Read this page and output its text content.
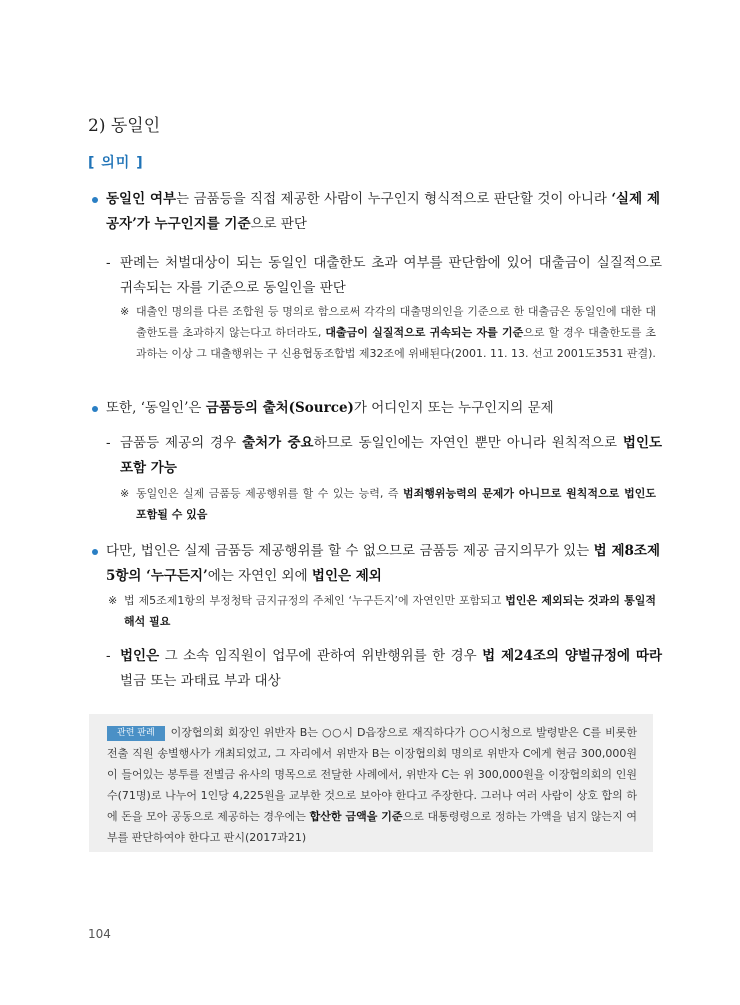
2) 동일인
[ 의미 ]
동일인 여부는 금품등을 직접 제공한 사람이 누구인지 형식적으로 판단할 것이 아니라 ‘실제 제공자’가 누구인지를 기준으로 판단
- 판례는 처벌대상이 되는 동일인 대출한도 초과 여부를 판단함에 있어 대출금이 실질적으로 귀속되는 자를 기준으로 동일인을 판단
※ 대출인 명의를 다른 조합원 등 명의로 함으로써 각각의 대출명의인을 기준으로 한 대출금은 동일인에 대한 대출한도를 초과하지 않는다고 하더라도, 대출금이 실질적으로 귀속되는 자를 기준으로 할 경우 대출한도를 초과하는 이상 그 대출행위는 구 신용협동조합법 제32조에 위배된다(2001. 11. 13. 선고 2001도3531 판결).
또한, ‘동일인’은 금품등의 출처(Source)가 어디인지 또는 누구인지의 문제
- 금품등 제공의 경우 출처가 중요하므로 동일인에는 자연인 뿐만 아니라 원칙적으로 법인도 포함 가능
※ 동일인은 실제 금품등 제공행위를 할 수 있는 능력, 즉 범죄행위능력의 문제가 아니므로 원칙적으로 법인도 포함될 수 있음
다만, 법인은 실제 금품등 제공행위를 할 수 없으므로 금품등 제공 금지의무가 있는 법 제8조제5항의 ‘누구든지’에는 자연인 외에 법인은 제외
※ 법 제5조제1항의 부정청탁 금지규정의 주체인 ‘누구든지’에 자연인만 포함되고 법인은 제외되는 것과의 통일적 해석 필요
- 법인은 그 소속 임직원이 업무에 관하여 위반행위를 한 경우 법 제24조의 양벌규정에 따라 벌금 또는 과태료 부과 대상
관련 판례 이장협의회 회장인 위반자 B는 ○○시 D읍장으로 재직하다가 ○○시청으로 발령받은 C를 비롯한 전출 직원 송별행사가 개최되었고, 그 자리에서 위반자 B는 이장협의회 명의로 위반자 C에게 현금 300,000원이 들어있는 봉투를 전별금 유사의 명목으로 전달한 사례에서, 위반자 C는 위 300,000원을 이장협의회의 인원수(71명)로 나누어 1인당 4,225원을 교부한 것으로 보아야 한다고 주장한다. 그러나 여러 사람이 상호 합의 하에 돈을 모아 공동으로 제공하는 경우에는 합산한 금액을 기준으로 대통령령으로 정하는 가액을 넘지 않는지 여부를 판단하여야 한다고 판시(2017과21)
104
